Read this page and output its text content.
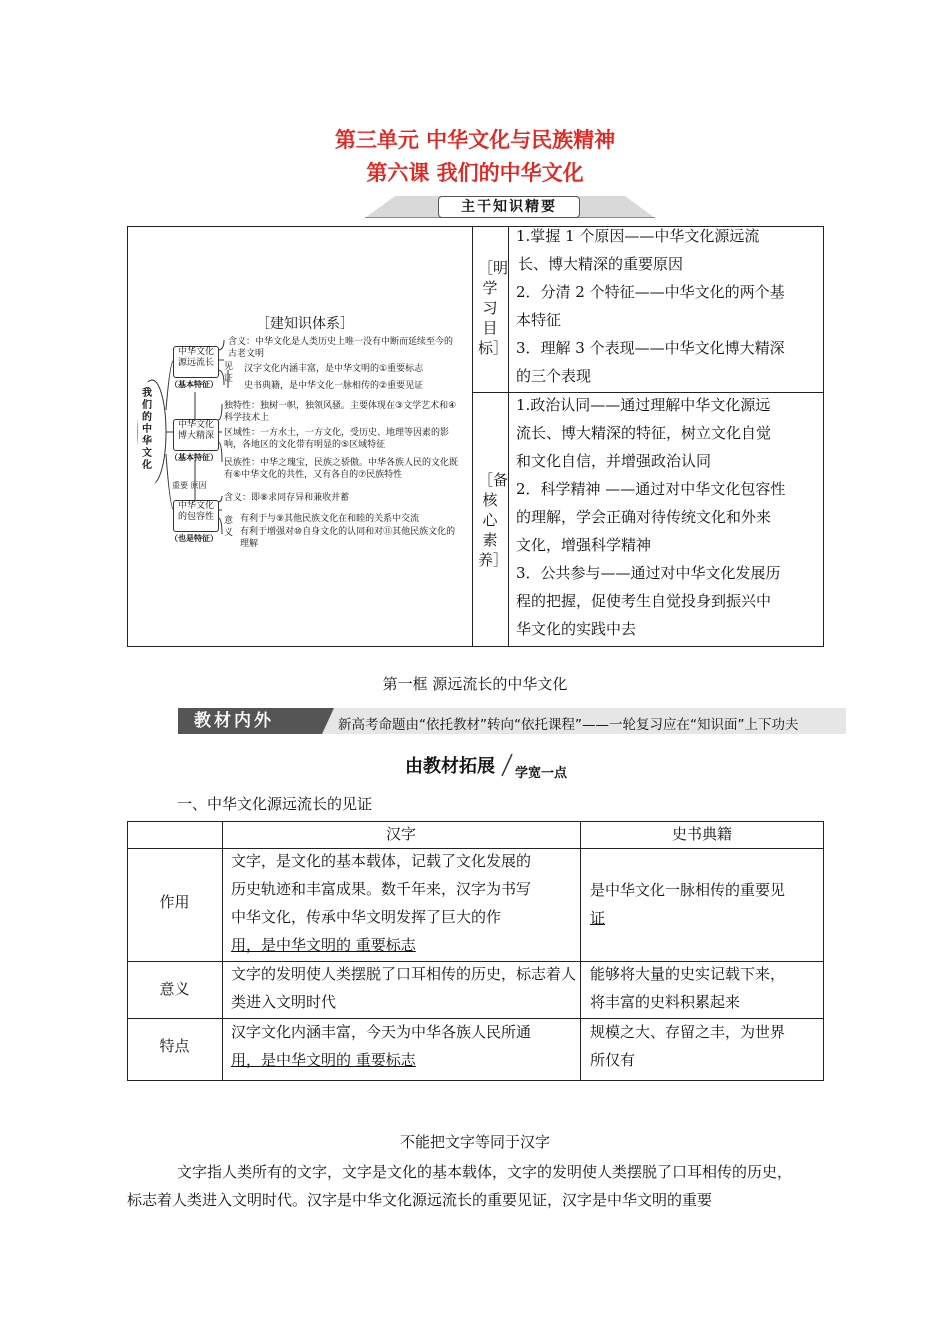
第三单元 中华文化与民族精神
第六课 我们的中华文化
主干知识精要
［建知识体系］
我们的中华文化
中华文化源远流长
（基本特征）
中华文化博大精深
（基本特征）
重要 原因
中华文化的包容性
（也是特征）
含义：中华文化是人类历史上唯一没有中断而延续至今的古老文明
见证
汉字文化内涵丰富，是中华文明的①重要标志
史书典籍，是中华文化一脉相传的②重要见证
独特性：独树一帜，独领风骚。主要体现在③文学艺术和④科学技术上
区域性：一方水土，一方文化，受历史、地理等因素的影响，各地区的文化带有明显的⑤区域特征
民族性：中华之瑰宝，民族之骄傲。中华各族人民的文化既有⑥中华文化的共性，又有各自的⑦民族特性
含义：即⑧求同存异和兼收并蓄
意义
有利于与⑨其他民族文化在和睦的关系中交流
有利于增强对⑩自身文化的认同和对⑪其他民族文化的理解
［明学习目标］
1.掌握 1 个原因——中华文化源远流
长、博大精深的重要原因
2．分清 2 个特征——中华文化的两个基
本特征
3．理解 3 个表现——中华文化博大精深
的三个表现
［备核心素养］
1.政治认同——通过理解中华文化源远
流长、博大精深的特征，树立文化自觉
和文化自信，并增强政治认同
2．科学精神 ——通过对中华文化包容性
的理解，学会正确对待传统文化和外来
文化，增强科学精神
3．公共参与——通过对中华文化发展历
程的把握，促使考生自觉投身到振兴中
华文化的实践中去
第一框 源远流长的中华文化
教材内外	新高考命题由“依托教材”转向“依托课程”——一轮复习应在“知识面”上下功夫
由教材拓展 学宽一点
一、中华文化源远流长的见证
汉字	史书典籍
作用
文字，是文化的基本载体，记载了文化发展的
历史轨迹和丰富成果。数千年来，汉字为书写
中华文化，传承中华文明发挥了巨大的作
用，是中华文明的 重要标志
是中华文化一脉相传的重要见
证
意义
文字的发明使人类摆脱了口耳相传的历史，标志着人
类进入文明时代
能够将大量的史实记载下来，
将丰富的史料积累起来
特点
汉字文化内涵丰富，今天为中华各族人民所通
用，是中华文明的 重要标志
规模之大、存留之丰，为世界
所仅有
不能把文字等同于汉字
文字指人类所有的文字，文字是文化的基本载体，文字的发明使人类摆脱了口耳相传的历史，
标志着人类进入文明时代。汉字是中华文化源远流长的重要见证，汉字是中华文明的重要
